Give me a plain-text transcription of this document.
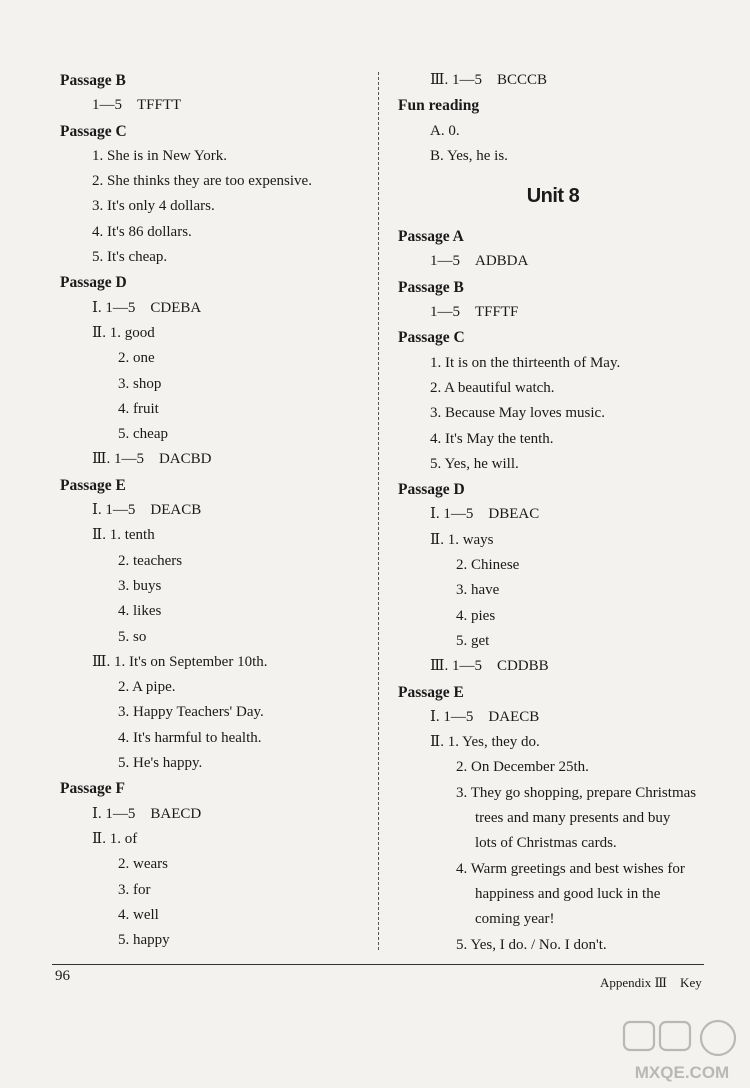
Passage B
1—5　TFFTT
Passage C
1. She is in New York.
2. She thinks they are too expensive.
3. It's only 4 dollars.
4. It's 86 dollars.
5. It's cheap.
Passage D
Ⅰ. 1—5　CDEBA
Ⅱ. 1. good
2. one
3. shop
4. fruit
5. cheap
Ⅲ. 1—5　DACBD
Passage E
Ⅰ. 1—5　DEACB
Ⅱ. 1. tenth
2. teachers
3. buys
4. likes
5. so
Ⅲ. 1. It's on September 10th.
2. A pipe.
3. Happy Teachers' Day.
4. It's harmful to health.
5. He's happy.
Passage F
Ⅰ. 1—5　BAECD
Ⅱ. 1. of
2. wears
3. for
4. well
5. happy
Ⅲ. 1—5　BCCCB
Fun reading
A. 0.
B. Yes, he is.
Unit 8
Passage A
1—5　ADBDA
Passage B
1—5　TFFTF
Passage C
1. It is on the thirteenth of May.
2. A beautiful watch.
3. Because May loves music.
4. It's May the tenth.
5. Yes, he will.
Passage D
Ⅰ. 1—5　DBEAC
Ⅱ. 1. ways
2. Chinese
3. have
4. pies
5. get
Ⅲ. 1—5　CDDBB
Passage E
Ⅰ. 1—5　DAECB
Ⅱ. 1. Yes, they do.
2. On December 25th.
3. They go shopping, prepare Christmas
trees and many presents and buy
lots of Christmas cards.
4. Warm greetings and best wishes for
happiness and good luck in the
coming year!
5. Yes, I do. / No. I don't.
96	Appendix Ⅲ　Key
MXQE.COM
